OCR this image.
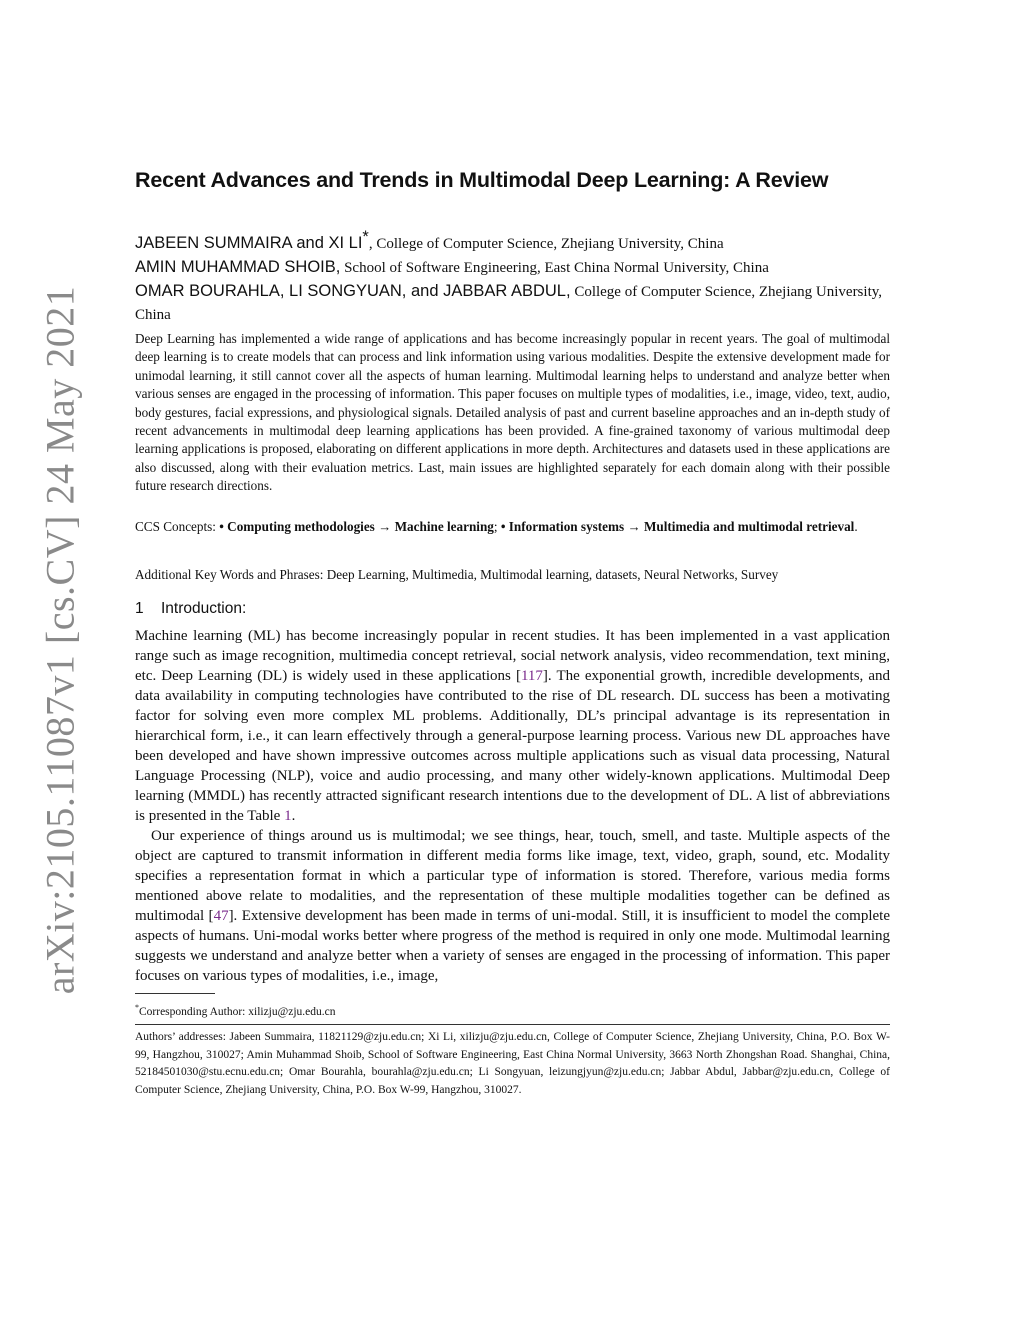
arXiv:2105.11087v1 [cs.CV] 24 May 2021
Recent Advances and Trends in Multimodal Deep Learning: A Review
JABEEN SUMMAIRA and XI LI*, College of Computer Science, Zhejiang University, China
AMIN MUHAMMAD SHOIB, School of Software Engineering, East China Normal University, China
OMAR BOURAHLA, LI SONGYUAN, and JABBAR ABDUL, College of Computer Science, Zhejiang University, China
Deep Learning has implemented a wide range of applications and has become increasingly popular in recent years. The goal of multimodal deep learning is to create models that can process and link information using various modalities. Despite the extensive development made for unimodal learning, it still cannot cover all the aspects of human learning. Multimodal learning helps to understand and analyze better when various senses are engaged in the processing of information. This paper focuses on multiple types of modalities, i.e., image, video, text, audio, body gestures, facial expressions, and physiological signals. Detailed analysis of past and current baseline approaches and an in-depth study of recent advancements in multimodal deep learning applications has been provided. A fine-grained taxonomy of various multimodal deep learning applications is proposed, elaborating on different applications in more depth. Architectures and datasets used in these applications are also discussed, along with their evaluation metrics. Last, main issues are highlighted separately for each domain along with their possible future research directions.
CCS Concepts: • Computing methodologies → Machine learning; • Information systems → Multimedia and multimodal retrieval.
Additional Key Words and Phrases: Deep Learning, Multimedia, Multimodal learning, datasets, Neural Networks, Survey
1 Introduction:

Machine learning (ML) has become increasingly popular in recent studies. It has been implemented in a vast application range such as image recognition, multimedia concept retrieval, social network analysis, video recommendation, text mining, etc. Deep Learning (DL) is widely used in these applications [117]. The exponential growth, incredible developments, and data availability in computing technologies have contributed to the rise of DL research. DL success has been a motivating factor for solving even more complex ML problems. Additionally, DL’s principal advantage is its representation in hierarchical form, i.e., it can learn effectively through a general-purpose learning process. Various new DL approaches have been developed and have shown impressive outcomes across multiple applications such as visual data processing, Natural Language Processing (NLP), voice and audio processing, and many other widely-known applications. Multimodal Deep learning (MMDL) has recently attracted significant research intentions due to the development of DL. A list of abbreviations is presented in the Table 1.

Our experience of things around us is multimodal; we see things, hear, touch, smell, and taste. Multiple aspects of the object are captured to transmit information in different media forms like image, text, video, graph, sound, etc. Modality specifies a representation format in which a particular type of information is stored. Therefore, various media forms mentioned above relate to modalities, and the representation of these multiple modalities together can be defined as multimodal [47]. Extensive development has been made in terms of uni-modal. Still, it is insufficient to model the complete aspects of humans. Uni-modal works better where progress of the method is required in only one mode. Multimodal learning suggests we understand and analyze better when a variety of senses are engaged in the processing of information. This paper focuses on various types of modalities, i.e., image,

*Corresponding Author: xilizju@zju.edu.cn
Authors’ addresses: Jabeen Summaira, 11821129@zju.edu.cn; Xi Li, xilizju@zju.edu.cn, College of Computer Science, Zhejiang University, China, P.O. Box W-99, Hangzhou, 310027; Amin Muhammad Shoib, School of Software Engineering, East China Normal University, 3663 North Zhongshan Road. Shanghai, China, 52184501030@stu.ecnu.edu.cn; Omar Bourahla, bourahla@zju.edu.cn; Li Songyuan, leizungjyun@zju.edu.cn; Jabbar Abdul, Jabbar@zju.edu.cn, College of Computer Science, Zhejiang University, China, P.O. Box W-99, Hangzhou, 310027.
